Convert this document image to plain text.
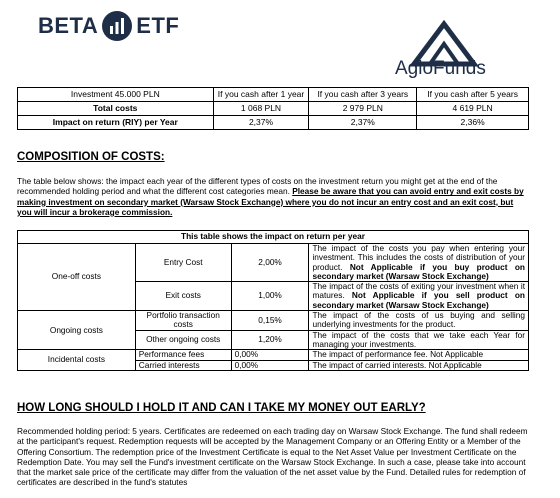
BETA ETF
AgioFunds
Investment 45.000 PLN	If you cash after 1 year	If you cash after 3 years	If you cash after 5 years
Total costs	1 068 PLN	2 979 PLN	4 619 PLN
Impact on return (RIY) per Year	2,37%	2,37%	2,36%
COMPOSITION OF COSTS:
The table below shows: the impact each year of the different types of costs on the investment return you might get at the end of the recommended holding period and what the different cost categories mean. Please be aware that you can avoid entry and exit costs by making investment on secondary market (Warsaw Stock Exchange) where you do not incur an entry cost and an exit cost, but you will incur a brokerage commission.
This table shows the impact on return per year			
One-off costs	Entry Cost	2,00%	The impact of the costs you pay when entering your investment. This includes the costs of distribution of your product. Not Applicable if you buy product on secondary market (Warsaw Stock Exchange)
	Exit costs	1,00%	The impact of the costs of exiting your investment when it matures. Not Applicable if you sell product on secondary market (Warsaw Stock Exchange)
Ongoing costs	Portfolio transaction costs	0,15%	The impact of the costs of us buying and selling underlying investments for the product.
	Other ongoing costs	1,20%	The impact of the costs that we take each Year for managing your investments.
Incidental costs	Performance fees	0,00%	The impact of performance fee. Not Applicable
	Carried interests	0,00%	The impact of carried interests. Not Applicable
HOW LONG SHOULD I HOLD IT AND CAN I TAKE MY MONEY OUT EARLY?
Recommended holding period: 5 years. Certificates are redeemed on each trading day on Warsaw Stock Exchange. The fund shall redeem at the participant's request. Redemption requests will be accepted by the Management Company or an Offering Entity or a Member of the Offering Consortium. The redemption price of the Investment Certificate is equal to the Net Asset Value per Investment Certificate on the Redemption Date. You may sell the Fund's investment certificate on the Warsaw Stock Exchange. In such a case, please take into account that the market sale price of the certificate may differ from the valuation of the net asset value by the Fund. Detailed rules for redemption of certificates are described in the fund's statutes
